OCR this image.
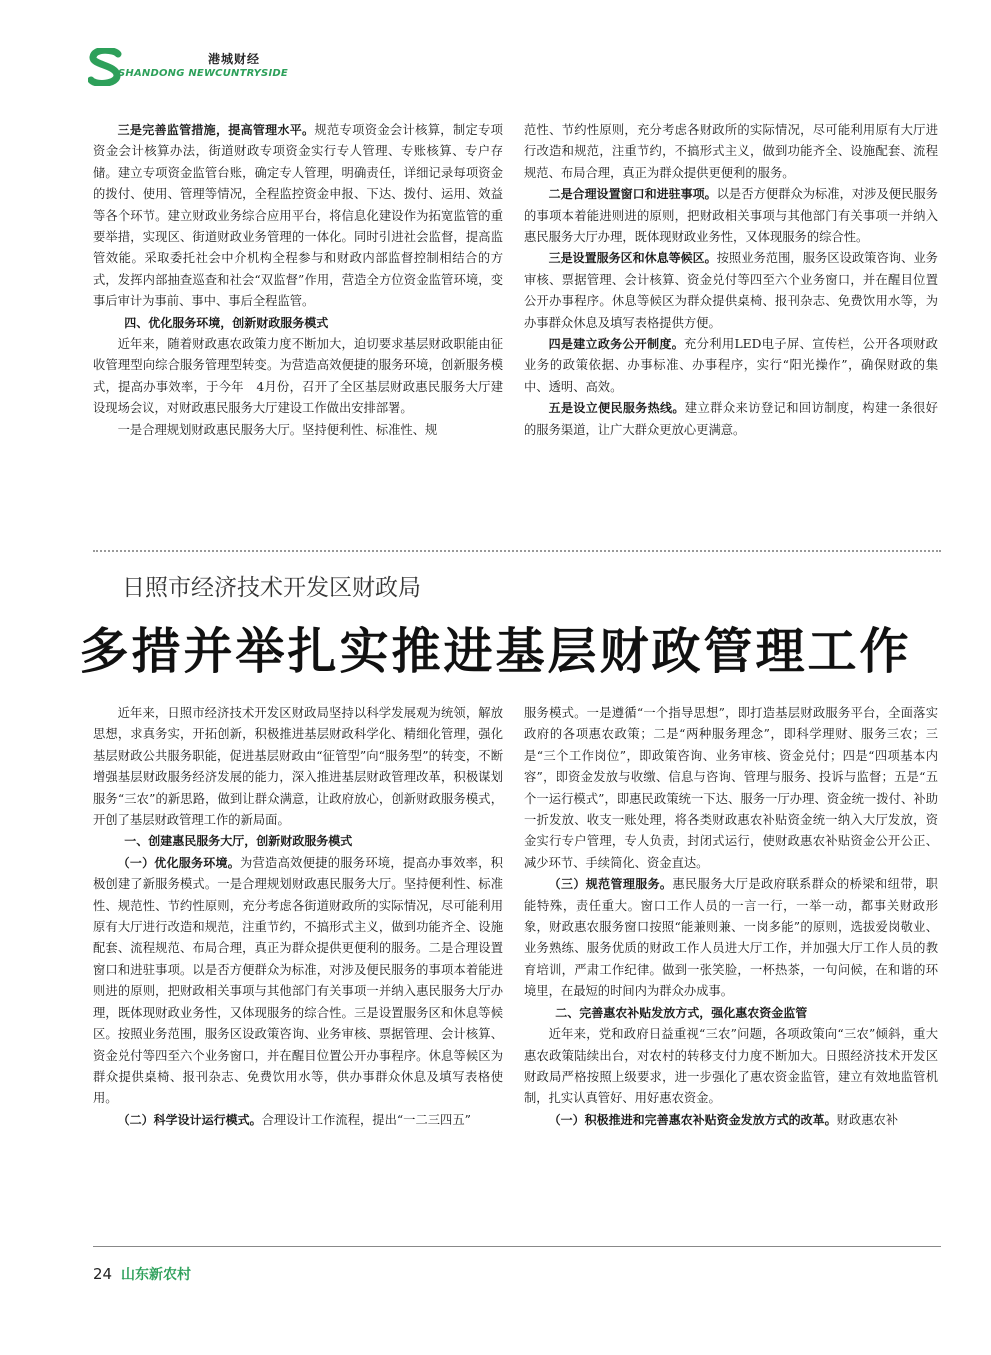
港城财经
SHANDONG NEWCUNTRYSIDE

三是完善监管措施，提高管理水平。规范专项资金会计核算，制定专项资金会计核算办法，街道财政专项资金实行专人管理、专账核算、专户存储。建立专项资金监管台账，确定专人管理，明确责任，详细记录每项资金的拨付、使用、管理等情况，全程监控资金申报、下达、拨付、运用、效益等各个环节。建立财政业务综合应用平台，将信息化建设作为拓宽监管的重要举措，实现区、街道财政业务管理的一体化。同时引进社会监督，提高监管效能。采取委托社会中介机构全程参与和财政内部监督控制相结合的方式，发挥内部抽查巡查和社会“双监督”作用，营造全方位资金监管环境，变事后审计为事前、事中、事后全程监管。

四、优化服务环境，创新财政服务模式

近年来，随着财政惠农政策力度不断加大，迫切要求基层财政职能由征收管理型向综合服务管理型转变。为营造高效便捷的服务环境，创新服务模式，提高办事效率，于今年　4月份，召开了全区基层财政惠民服务大厅建设现场会议，对财政惠民服务大厅建设工作做出安排部署。

一是合理规划财政惠民服务大厅。坚持便利性、标准性、规

范性、节约性原则，充分考虑各财政所的实际情况，尽可能利用原有大厅进行改造和规范，注重节约，不搞形式主义，做到功能齐全、设施配套、流程规范、布局合理，真正为群众提供更便利的服务。

二是合理设置窗口和进驻事项。以是否方便群众为标准，对涉及便民服务的事项本着能进则进的原则，把财政相关事项与其他部门有关事项一并纳入惠民服务大厅办理，既体现财政业务性，又体现服务的综合性。

三是设置服务区和休息等候区。按照业务范围，服务区设政策咨询、业务审核、票据管理、会计核算、资金兑付等四至六个业务窗口，并在醒目位置公开办事程序。休息等候区为群众提供桌椅、报刊杂志、免费饮用水等，为办事群众休息及填写表格提供方便。

四是建立政务公开制度。充分利用LED电子屏、宣传栏，公开各项财政业务的政策依据、办事标准、办事程序，实行“阳光操作”，确保财政的集中、透明、高效。

五是设立便民服务热线。建立群众来访登记和回访制度，构建一条很好的服务渠道，让广大群众更放心更满意。

日照市经济技术开发区财政局
多措并举扎实推进基层财政管理工作

近年来，日照市经济技术开发区财政局坚持以科学发展观为统领，解放思想，求真务实，开拓创新，积极推进基层财政科学化、精细化管理，强化基层财政公共服务职能，促进基层财政由“征管型”向“服务型”的转变，不断增强基层财政服务经济发展的能力，深入推进基层财政管理改革，积极谋划服务“三农”的新思路，做到让群众满意，让政府放心，创新财政服务模式，开创了基层财政管理工作的新局面。

一、创建惠民服务大厅，创新财政服务模式

（一）优化服务环境。为营造高效便捷的服务环境，提高办事效率，积极创建了新服务模式。一是合理规划财政惠民服务大厅。坚持便利性、标准性、规范性、节约性原则，充分考虑各街道财政所的实际情况，尽可能利用原有大厅进行改造和规范，注重节约，不搞形式主义，做到功能齐全、设施配套、流程规范、布局合理，真正为群众提供更便利的服务。二是合理设置窗口和进驻事项。以是否方便群众为标准，对涉及便民服务的事项本着能进则进的原则，把财政相关事项与其他部门有关事项一并纳入惠民服务大厅办理，既体现财政业务性，又体现服务的综合性。三是设置服务区和休息等候区。按照业务范围，服务区设政策咨询、业务审核、票据管理、会计核算、资金兑付等四至六个业务窗口，并在醒目位置公开办事程序。休息等候区为群众提供桌椅、报刊杂志、免费饮用水等，供办事群众休息及填写表格使用。

（二）科学设计运行模式。合理设计工作流程，提出“一二三四五”

服务模式。一是遵循“一个指导思想”，即打造基层财政服务平台，全面落实政府的各项惠农政策；二是“两种服务理念”，即科学理财、服务三农；三是“三个工作岗位”，即政策咨询、业务审核、资金兑付；四是“四项基本内容”，即资金发放与收缴、信息与咨询、管理与服务、投诉与监督；五是“五个一运行模式”，即惠民政策统一下达、服务一厅办理、资金统一拨付、补助一折发放、收支一账处理，将各类财政惠农补贴资金统一纳入大厅发放，资金实行专户管理，专人负责，封闭式运行，使财政惠农补贴资金公开公正、减少环节、手续简化、资金直达。

（三）规范管理服务。惠民服务大厅是政府联系群众的桥梁和纽带，职能特殊，责任重大。窗口工作人员的一言一行，一举一动，都事关财政形象，财政惠农服务窗口按照“能兼则兼、一岗多能”的原则，选拔爱岗敬业、业务熟练、服务优质的财政工作人员进大厅工作，并加强大厅工作人员的教育培训，严肃工作纪律。做到一张笑脸，一杯热茶，一句问候，在和谐的环境里，在最短的时间内为群众办成事。

二、完善惠农补贴发放方式，强化惠农资金监管

近年来，党和政府日益重视“三农”问题，各项政策向“三农”倾斜，重大惠农政策陆续出台，对农村的转移支付力度不断加大。日照经济技术开发区财政局严格按照上级要求，进一步强化了惠农资金监管，建立有效地监管机制，扎实认真管好、用好惠农资金。

（一）积极推进和完善惠农补贴资金发放方式的改革。财政惠农补

24 山东新农村
